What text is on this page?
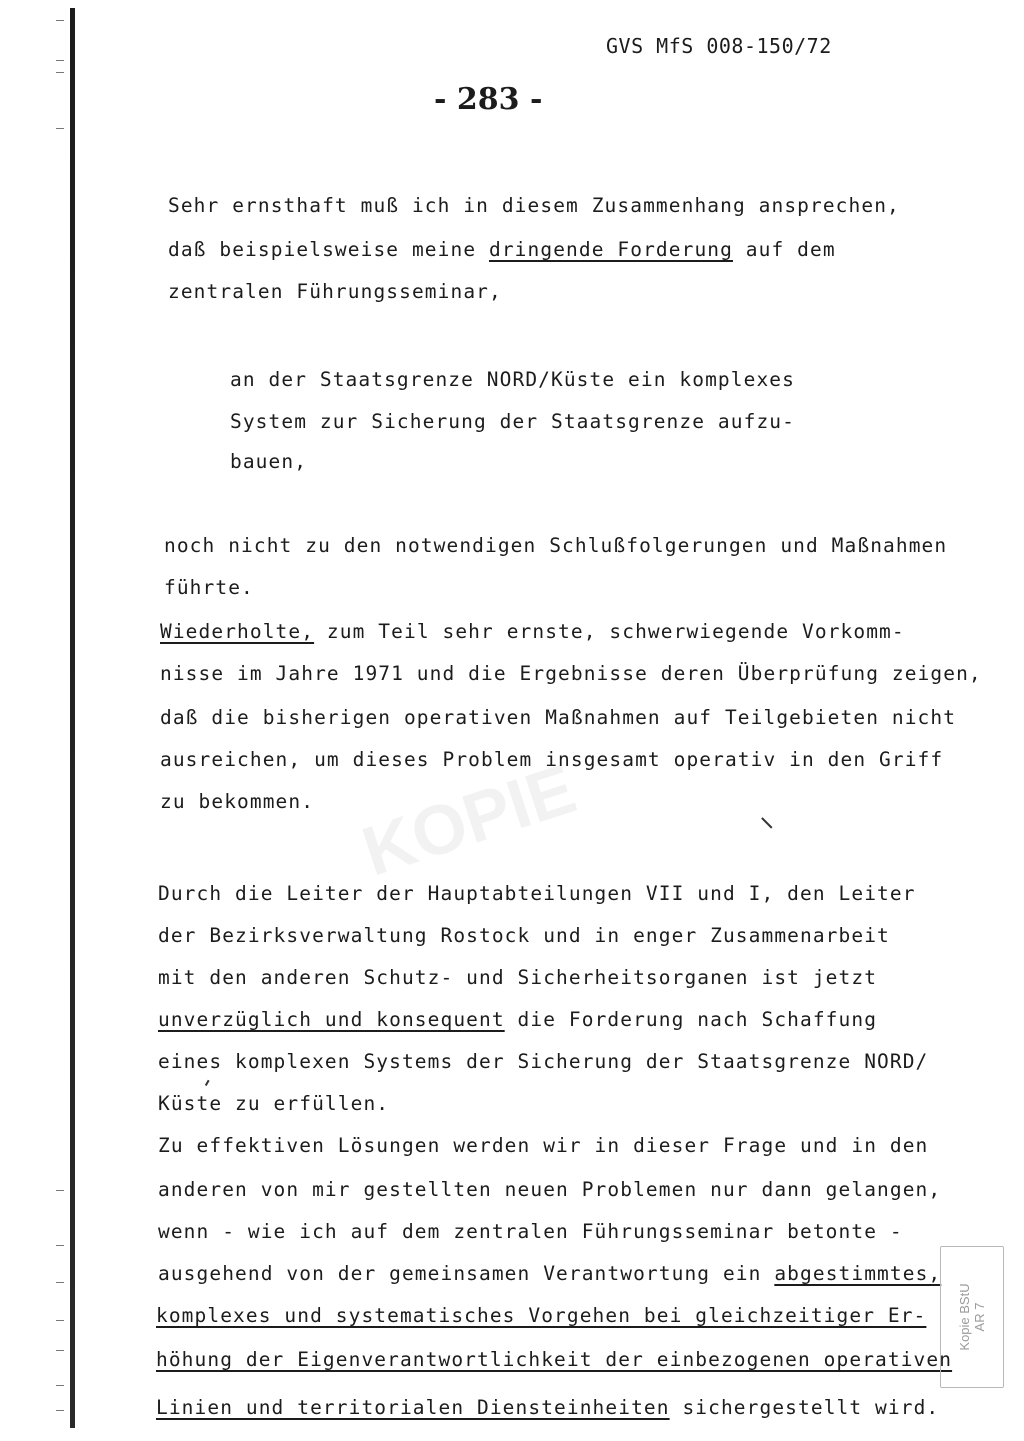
GVS MfS 008-150/72
- 283 -
KOPIE
Sehr ernsthaft muß ich in diesem Zusammenhang ansprechen,
daß beispielsweise meine dringende Forderung auf dem
zentralen Führungsseminar,
an der Staatsgrenze NORD/Küste ein komplexes
System zur Sicherung der Staatsgrenze aufzu-
bauen,
noch nicht zu den notwendigen Schlußfolgerungen und Maßnahmen
führte.
Wiederholte, zum Teil sehr ernste, schwerwiegende Vorkomm-
nisse im Jahre 1971 und die Ergebnisse deren Überprüfung zeigen,
daß die bisherigen operativen Maßnahmen auf Teilgebieten nicht
ausreichen, um dieses Problem insgesamt operativ in den Griff
zu bekommen.
Durch die Leiter der Hauptabteilungen VII und I, den Leiter
der Bezirksverwaltung Rostock und in enger Zusammenarbeit
mit den anderen Schutz- und Sicherheitsorganen ist jetzt
unverzüglich und konsequent die Forderung nach Schaffung
eines komplexen Systems der Sicherung der Staatsgrenze NORD/
Küste zu erfüllen.
Zu effektiven Lösungen werden wir in dieser Frage und in den
anderen von mir gestellten neuen Problemen nur dann gelangen,
wenn - wie ich auf dem zentralen Führungsseminar betonte -
ausgehend von der gemeinsamen Verantwortung ein abgestimmtes,
komplexes und systematisches Vorgehen bei gleichzeitiger Er-
höhung der Eigenverantwortlichkeit der einbezogenen operativen
Linien und territorialen Diensteinheiten sichergestellt wird.
Kopie BStU AR 7
